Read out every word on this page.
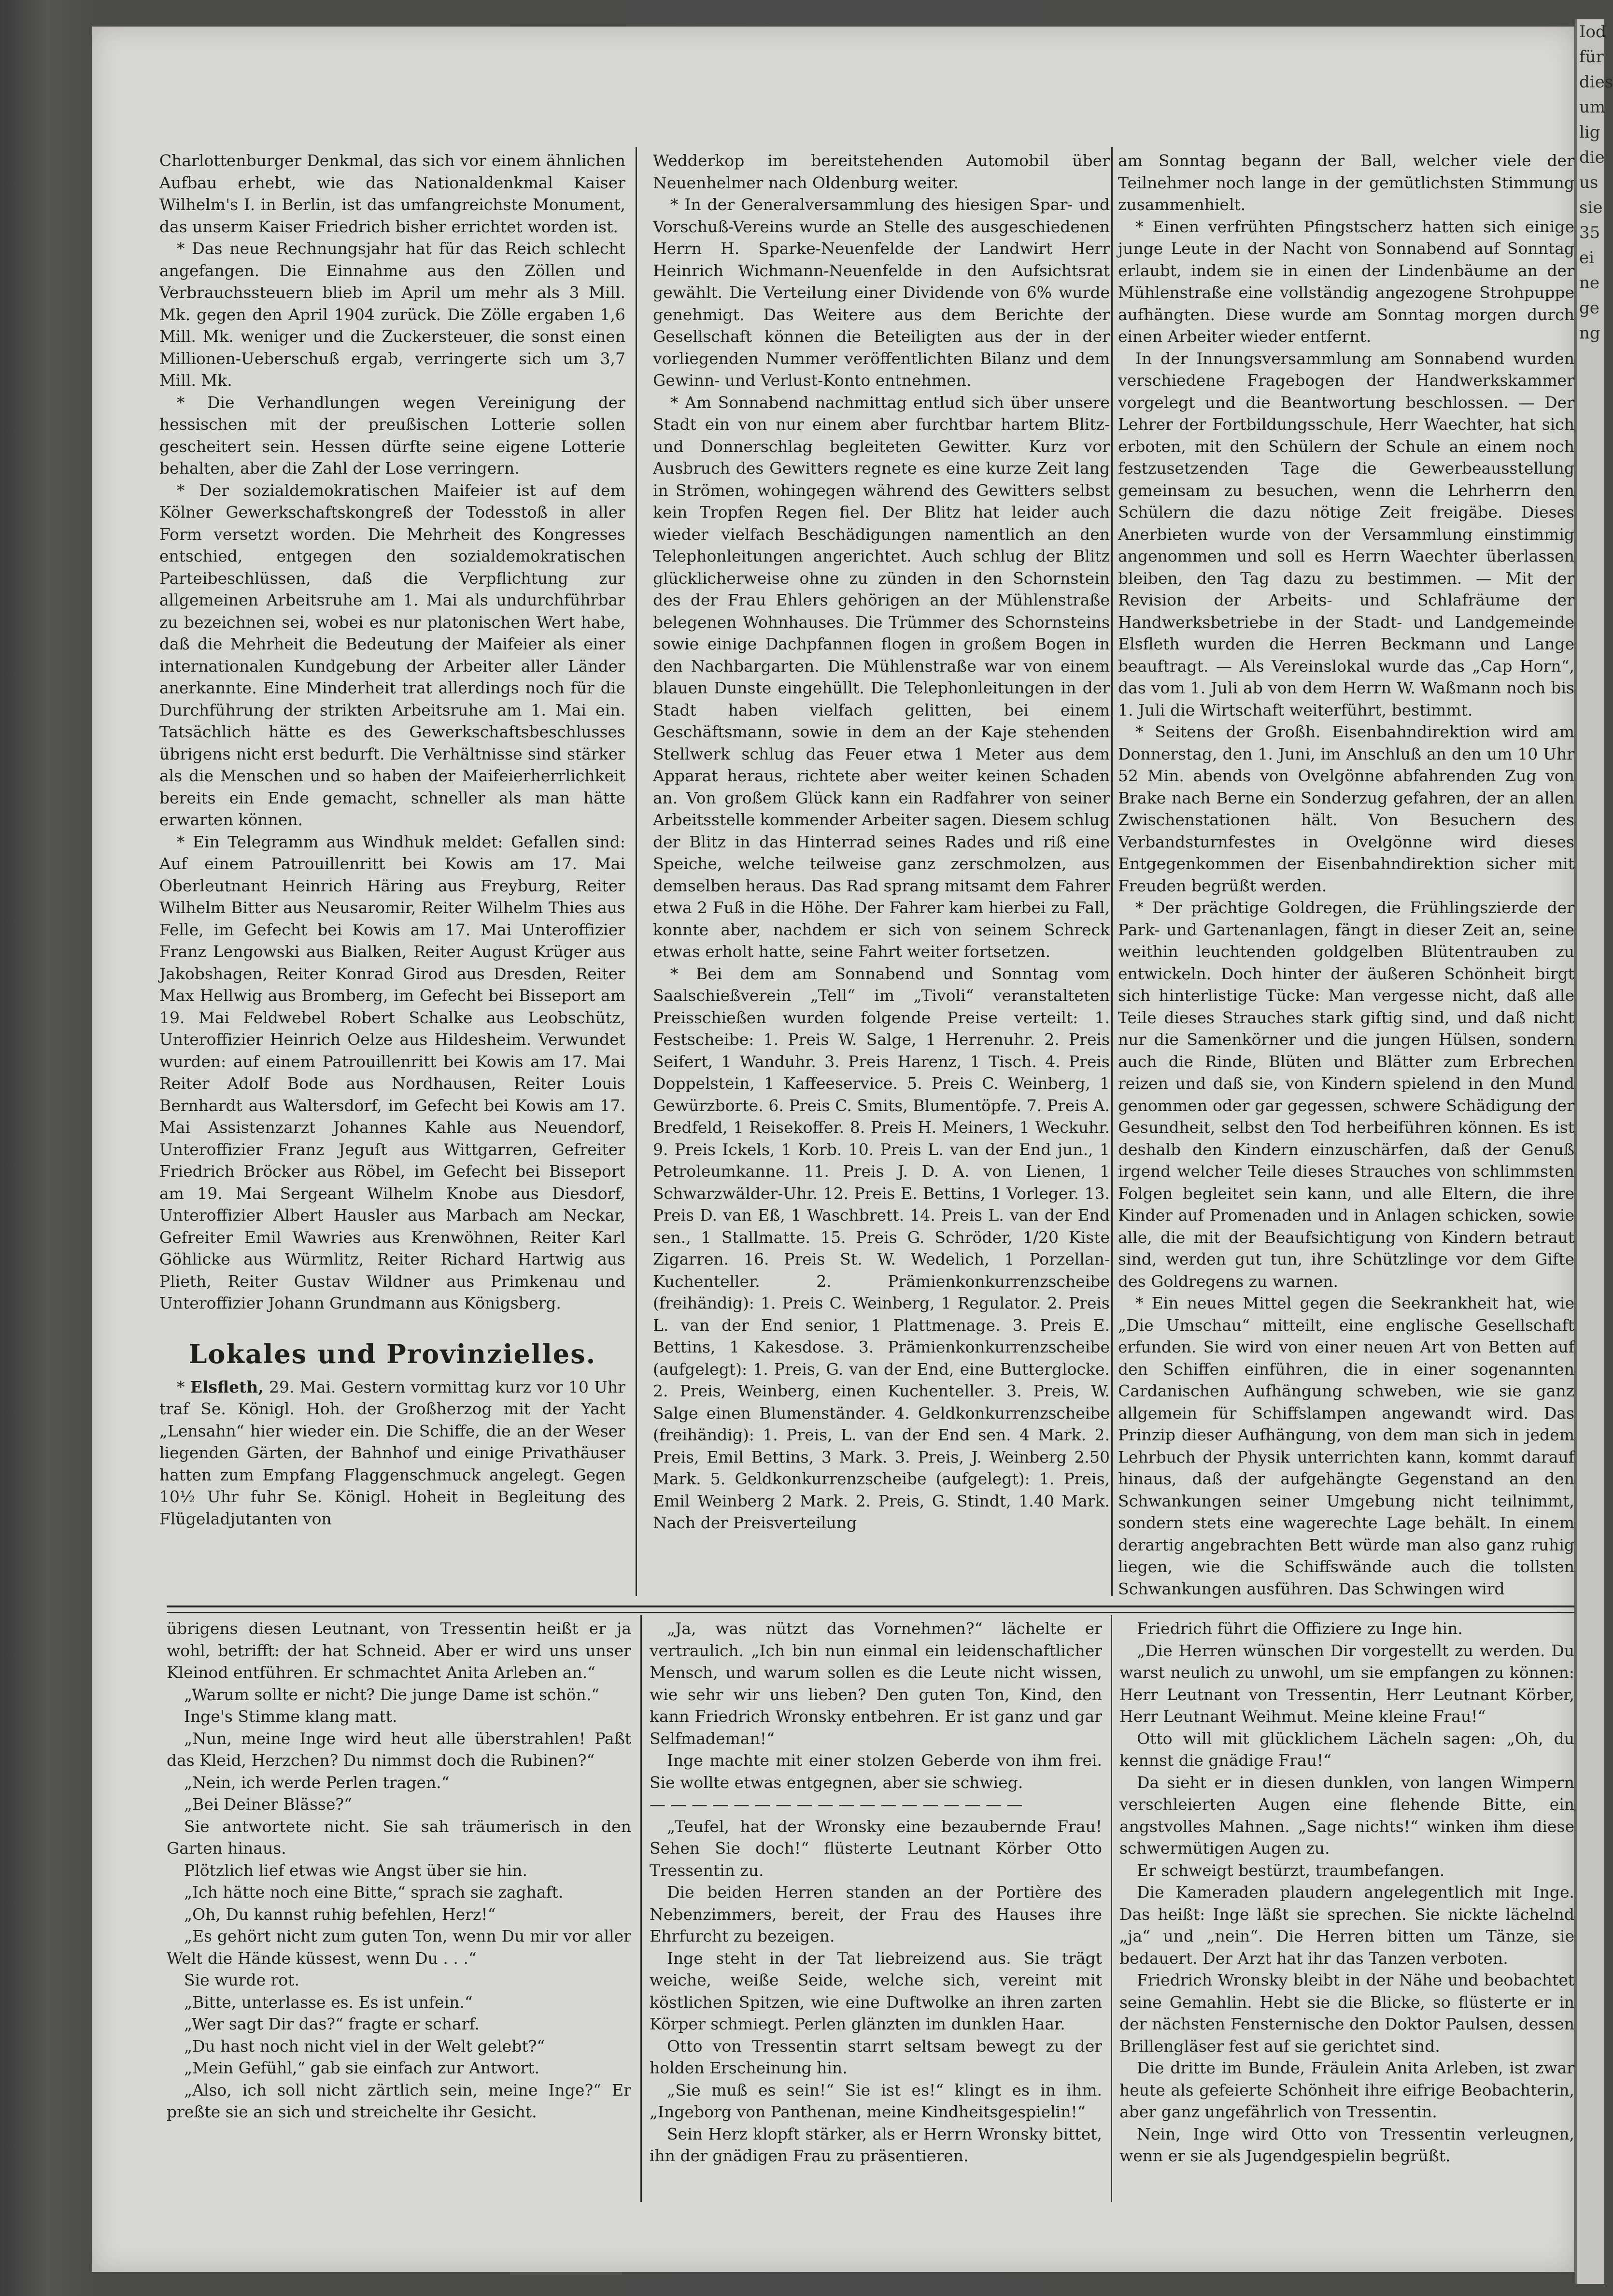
Iod
für
dies
um
lig
die
us
sie
35
ei
ne
ge
ng

Charlottenburger Denkmal, das sich vor einem ähnlichen Aufbau erhebt, wie das Nationaldenkmal Kaiser Wilhelm's I. in Berlin, ist das umfangreichste Monument, das unserm Kaiser Friedrich bisher errichtet worden ist.

* Das neue Rechnungsjahr hat für das Reich schlecht angefangen. Die Einnahme aus den Zöllen und Verbrauchssteuern blieb im April um mehr als 3 Mill. Mk. gegen den April 1904 zurück. Die Zölle ergaben 1,6 Mill. Mk. weniger und die Zuckersteuer, die sonst einen Millionen-Ueberschuß ergab, verringerte sich um 3,7 Mill. Mk.

* Die Verhandlungen wegen Vereinigung der hessischen mit der preußischen Lotterie sollen gescheitert sein. Hessen dürfte seine eigene Lotterie behalten, aber die Zahl der Lose verringern.

* Der sozialdemokratischen Maifeier ist auf dem Kölner Gewerkschaftskongreß der Todesstoß in aller Form versetzt worden. Die Mehrheit des Kongresses entschied, entgegen den sozialdemokratischen Parteibeschlüssen, daß die Verpflichtung zur allgemeinen Arbeitsruhe am 1. Mai als undurchführbar zu bezeichnen sei, wobei es nur platonischen Wert habe, daß die Mehrheit die Bedeutung der Maifeier als einer internationalen Kundgebung der Arbeiter aller Länder anerkannte. Eine Minderheit trat allerdings noch für die Durchführung der strikten Arbeitsruhe am 1. Mai ein. Tatsächlich hätte es des Gewerkschaftsbeschlusses übrigens nicht erst bedurft. Die Verhältnisse sind stärker als die Menschen und so haben der Maifeierherrlichkeit bereits ein Ende gemacht, schneller als man hätte erwarten können.

* Ein Telegramm aus Windhuk meldet: Gefallen sind: Auf einem Patrouillenritt bei Kowis am 17. Mai Oberleutnant Heinrich Häring aus Freyburg, Reiter Wilhelm Bitter aus Neusaromir, Reiter Wilhelm Thies aus Felle, im Gefecht bei Kowis am 17. Mai Unteroffizier Franz Lengowski aus Bialken, Reiter August Krüger aus Jakobshagen, Reiter Konrad Girod aus Dresden, Reiter Max Hellwig aus Bromberg, im Gefecht bei Bisseport am 19. Mai Feldwebel Robert Schalke aus Leobschütz, Unteroffizier Heinrich Oelze aus Hildesheim. Verwundet wurden: auf einem Patrouillenritt bei Kowis am 17. Mai Reiter Adolf Bode aus Nordhausen, Reiter Louis Bernhardt aus Waltersdorf, im Gefecht bei Kowis am 17. Mai Assistenzarzt Johannes Kahle aus Neuendorf, Unteroffizier Franz Jeguſt aus Wittgarren, Gefreiter Friedrich Bröcker aus Röbel, im Gefecht bei Bisseport am 19. Mai Sergeant Wilhelm Knobe aus Diesdorf, Unteroffizier Albert Hausler aus Marbach am Neckar, Gefreiter Emil Wawries aus Krenwöhnen, Reiter Karl Göhlicke aus Würmlitz, Reiter Richard Hartwig aus Plieth, Reiter Gustav Wildner aus Primkenau und Unteroffizier Johann Grundmann aus Königsberg.

Lokales und Provinzielles.

* Elsfleth, 29. Mai. Gestern vormittag kurz vor 10 Uhr traf Se. Königl. Hoh. der Großherzog mit der Yacht „Lensahn“ hier wieder ein. Die Schiffe, die an der Weser liegenden Gärten, der Bahnhof und einige Privathäuser hatten zum Empfang Flaggenschmuck angelegt. Gegen 10½ Uhr fuhr Se. Königl. Hoheit in Begleitung des Flügeladjutanten von

Wedderkop im bereitstehenden Automobil über Neuenhelmer nach Oldenburg weiter.

* In der Generalversammlung des hiesigen Spar- und Vorschuß-Vereins wurde an Stelle des ausgeschiedenen Herrn H. Sparke-Neuenfelde der Landwirt Herr Heinrich Wichmann-Neuenfelde in den Aufsichtsrat gewählt. Die Verteilung einer Dividende von 6% wurde genehmigt. Das Weitere aus dem Berichte der Gesellschaft können die Beteiligten aus der in der vorliegenden Nummer veröffentlichten Bilanz und dem Gewinn- und Verlust-Konto entnehmen.

* Am Sonnabend nachmittag entlud sich über unsere Stadt ein von nur einem aber furchtbar hartem Blitz- und Donnerschlag begleiteten Gewitter. Kurz vor Ausbruch des Gewitters regnete es eine kurze Zeit lang in Strömen, wohingegen während des Gewitters selbst kein Tropfen Regen fiel. Der Blitz hat leider auch wieder vielfach Beschädigungen namentlich an den Telephonleitungen angerichtet. Auch schlug der Blitz glücklicherweise ohne zu zünden in den Schornstein des der Frau Ehlers gehörigen an der Mühlenstraße belegenen Wohnhauses. Die Trümmer des Schornsteins sowie einige Dachpfannen flogen in großem Bogen in den Nachbargarten. Die Mühlenstraße war von einem blauen Dunste eingehüllt. Die Telephonleitungen in der Stadt haben vielfach gelitten, bei einem Geschäftsmann, sowie in dem an der Kaje stehenden Stellwerk schlug das Feuer etwa 1 Meter aus dem Apparat heraus, richtete aber weiter keinen Schaden an. Von großem Glück kann ein Radfahrer von seiner Arbeitsstelle kommender Arbeiter sagen. Diesem schlug der Blitz in das Hinterrad seines Rades und riß eine Speiche, welche teilweise ganz zerschmolzen, aus demselben heraus. Das Rad sprang mitsamt dem Fahrer etwa 2 Fuß in die Höhe. Der Fahrer kam hierbei zu Fall, konnte aber, nachdem er sich von seinem Schreck etwas erholt hatte, seine Fahrt weiter fortsetzen.

* Bei dem am Sonnabend und Sonntag vom Saalschießverein „Tell“ im „Tivoli“ veranstalteten Preisschießen wurden folgende Preise verteilt: 1. Festscheibe: 1. Preis W. Salge, 1 Herrenuhr. 2. Preis Seifert, 1 Wanduhr. 3. Preis Harenz, 1 Tisch. 4. Preis Doppelstein, 1 Kaffeeservice. 5. Preis C. Weinberg, 1 Gewürzborte. 6. Preis C. Smits, Blumentöpfe. 7. Preis A. Bredfeld, 1 Reisekoffer. 8. Preis H. Meiners, 1 Weckuhr. 9. Preis Ickels, 1 Korb. 10. Preis L. van der End jun., 1 Petroleumkanne. 11. Preis J. D. A. von Lienen, 1 Schwarzwälder-Uhr. 12. Preis E. Bettins, 1 Vorleger. 13. Preis D. van Eß, 1 Waschbrett. 14. Preis L. van der End sen., 1 Stallmatte. 15. Preis G. Schröder, 1/20 Kiste Zigarren. 16. Preis St. W. Wedelich, 1 Porzellan-Kuchenteller. 2. Prämienkonkurrenzscheibe (freihändig): 1. Preis C. Weinberg, 1 Regulator. 2. Preis L. van der End senior, 1 Plattmenage. 3. Preis E. Bettins, 1 Kakesdose. 3. Prämienkonkurrenzscheibe (aufgelegt): 1. Preis, G. van der End, eine Butterglocke. 2. Preis, Weinberg, einen Kuchenteller. 3. Preis, W. Salge einen Blumenständer. 4. Geldkonkurrenzscheibe (freihändig): 1. Preis, L. van der End sen. 4 Mark. 2. Preis, Emil Bettins, 3 Mark. 3. Preis, J. Weinberg 2.50 Mark. 5. Geldkonkurrenzscheibe (aufgelegt): 1. Preis, Emil Weinberg 2 Mark. 2. Preis, G. Stindt, 1.40 Mark. Nach der Preisverteilung

am Sonntag begann der Ball, welcher viele der Teilnehmer noch lange in der gemütlichsten Stimmung zusammenhielt.

* Einen verfrühten Pfingstscherz hatten sich einige junge Leute in der Nacht von Sonnabend auf Sonntag erlaubt, indem sie in einen der Lindenbäume an der Mühlenstraße eine vollständig angezogene Strohpuppe aufhängten. Diese wurde am Sonntag morgen durch einen Arbeiter wieder entfernt.

In der Innungsversammlung am Sonnabend wurden verschiedene Fragebogen der Handwerkskammer vorgelegt und die Beantwortung beschlossen. — Der Lehrer der Fortbildungsschule, Herr Waechter, hat sich erboten, mit den Schülern der Schule an einem noch festzusetzenden Tage die Gewerbeausstellung gemeinsam zu besuchen, wenn die Lehrherrn den Schülern die dazu nötige Zeit freigäbe. Dieses Anerbieten wurde von der Versammlung einstimmig angenommen und soll es Herrn Waechter überlassen bleiben, den Tag dazu zu bestimmen. — Mit der Revision der Arbeits- und Schlafräume der Handwerksbetriebe in der Stadt- und Landgemeinde Elsfleth wurden die Herren Beckmann und Lange beauftragt. — Als Vereinslokal wurde das „Cap Horn“, das vom 1. Juli ab von dem Herrn W. Waßmann noch bis 1. Juli die Wirtschaft weiterführt, bestimmt.

* Seitens der Großh. Eisenbahndirektion wird am Donnerstag, den 1. Juni, im Anschluß an den um 10 Uhr 52 Min. abends von Ovelgönne abfahrenden Zug von Brake nach Berne ein Sonderzug gefahren, der an allen Zwischenstationen hält. Von Besuchern des Verbandsturnfestes in Ovelgönne wird dieses Entgegenkommen der Eisenbahndirektion sicher mit Freuden begrüßt werden.

* Der prächtige Goldregen, die Frühlingszierde der Park- und Gartenanlagen, fängt in dieser Zeit an, seine weithin leuchtenden goldgelben Blütentrauben zu entwickeln. Doch hinter der äußeren Schönheit birgt sich hinterlistige Tücke: Man vergesse nicht, daß alle Teile dieses Strauches stark giftig sind, und daß nicht nur die Samenkörner und die jungen Hülsen, sondern auch die Rinde, Blüten und Blätter zum Erbrechen reizen und daß sie, von Kindern spielend in den Mund genommen oder gar gegessen, schwere Schädigung der Gesundheit, selbst den Tod herbeiführen können. Es ist deshalb den Kindern einzuschärfen, daß der Genuß irgend welcher Teile dieses Strauches von schlimmsten Folgen begleitet sein kann, und alle Eltern, die ihre Kinder auf Promenaden und in Anlagen schicken, sowie alle, die mit der Beaufsichtigung von Kindern betraut sind, werden gut tun, ihre Schützlinge vor dem Gifte des Goldregens zu warnen.

* Ein neues Mittel gegen die Seekrankheit hat, wie „Die Umschau“ mitteilt, eine englische Gesellschaft erfunden. Sie wird von einer neuen Art von Betten auf den Schiffen einführen, die in einer sogenannten Cardanischen Aufhängung schweben, wie sie ganz allgemein für Schiffslampen angewandt wird. Das Prinzip dieser Aufhängung, von dem man sich in jedem Lehrbuch der Physik unterrichten kann, kommt darauf hinaus, daß der aufgehängte Gegenstand an den Schwankungen seiner Umgebung nicht teilnimmt, sondern stets eine wagerechte Lage behält. In einem derartig angebrachten Bett würde man also ganz ruhig liegen, wie die Schiffswände auch die tollsten Schwankungen ausführen. Das Schwingen wird

übrigens diesen Leutnant, von Tressentin heißt er ja wohl, betrifft: der hat Schneid. Aber er wird uns unser Kleinod entführen. Er schmachtet Anita Arleben an.“

„Warum sollte er nicht? Die junge Dame ist schön.“

Inge's Stimme klang matt.

„Nun, meine Inge wird heut alle überstrahlen! Paßt das Kleid, Herzchen? Du nimmst doch die Rubinen?“

„Nein, ich werde Perlen tragen.“

„Bei Deiner Blässe?“

Sie antwortete nicht. Sie sah träumerisch in den Garten hinaus.

Plötzlich lief etwas wie Angst über sie hin.

„Ich hätte noch eine Bitte,“ sprach sie zaghaft.

„Oh, Du kannst ruhig befehlen, Herz!“

„Es gehört nicht zum guten Ton, wenn Du mir vor aller Welt die Hände küssest, wenn Du . . .“

Sie wurde rot.

„Bitte, unterlasse es. Es ist unfein.“

„Wer sagt Dir das?“ fragte er scharf.

„Du hast noch nicht viel in der Welt gelebt?“

„Mein Gefühl,“ gab sie einfach zur Antwort.

„Also, ich soll nicht zärtlich sein, meine Inge?“ Er preßte sie an sich und streichelte ihr Gesicht.

„Ja, was nützt das Vornehmen?“ lächelte er vertraulich. „Ich bin nun einmal ein leidenschaftlicher Mensch, und warum sollen es die Leute nicht wissen, wie sehr wir uns lieben? Den guten Ton, Kind, den kann Friedrich Wronsky entbehren. Er ist ganz und gar Selfmademan!“

Inge machte mit einer stolzen Geberde von ihm frei. Sie wollte etwas entgegnen, aber sie schwieg.

— — — — — — — — — — — — — — — — — —

„Teufel, hat der Wronsky eine bezaubernde Frau! Sehen Sie doch!“ flüsterte Leutnant Körber Otto Tressentin zu.

Die beiden Herren standen an der Portière des Nebenzimmers, bereit, der Frau des Hauses ihre Ehrfurcht zu bezeigen.

Inge steht in der Tat liebreizend aus. Sie trägt weiche, weiße Seide, welche sich, vereint mit köstlichen Spitzen, wie eine Duftwolke an ihren zarten Körper schmiegt. Perlen glänzten im dunklen Haar.

Otto von Tressentin starrt seltsam bewegt zu der holden Erscheinung hin.

„Sie muß es sein!“ Sie ist es!“ klingt es in ihm. „Ingeborg von Panthenan, meine Kindheitsgespielin!“

Sein Herz klopft stärker, als er Herrn Wronsky bittet, ihn der gnädigen Frau zu präsentieren.

Friedrich führt die Offiziere zu Inge hin.

„Die Herren wünschen Dir vorgestellt zu werden. Du warst neulich zu unwohl, um sie empfangen zu können: Herr Leutnant von Tressentin, Herr Leutnant Körber, Herr Leutnant Weihmut. Meine kleine Frau!“

Otto will mit glücklichem Lächeln sagen: „Oh, du kennst die gnädige Frau!“

Da sieht er in diesen dunklen, von langen Wimpern verschleierten Augen eine flehende Bitte, ein angstvolles Mahnen. „Sage nichts!“ winken ihm diese schwermütigen Augen zu.

Er schweigt bestürzt, traumbefangen.

Die Kameraden plaudern angelegentlich mit Inge. Das heißt: Inge läßt sie sprechen. Sie nickte lächelnd „ja“ und „nein“. Die Herren bitten um Tänze, sie bedauert. Der Arzt hat ihr das Tanzen verboten.

Friedrich Wronsky bleibt in der Nähe und beobachtet seine Gemahlin. Hebt sie die Blicke, so flüsterte er in der nächsten Fensternische den Doktor Paulsen, dessen Brillengläser fest auf sie gerichtet sind.

Die dritte im Bunde, Fräulein Anita Arleben, ist zwar heute als gefeierte Schönheit ihre eifrige Beobachterin, aber ganz ungefährlich von Tressentin.

Nein, Inge wird Otto von Tressentin verleugnen, wenn er sie als Jugendgespielin begrüßt.
